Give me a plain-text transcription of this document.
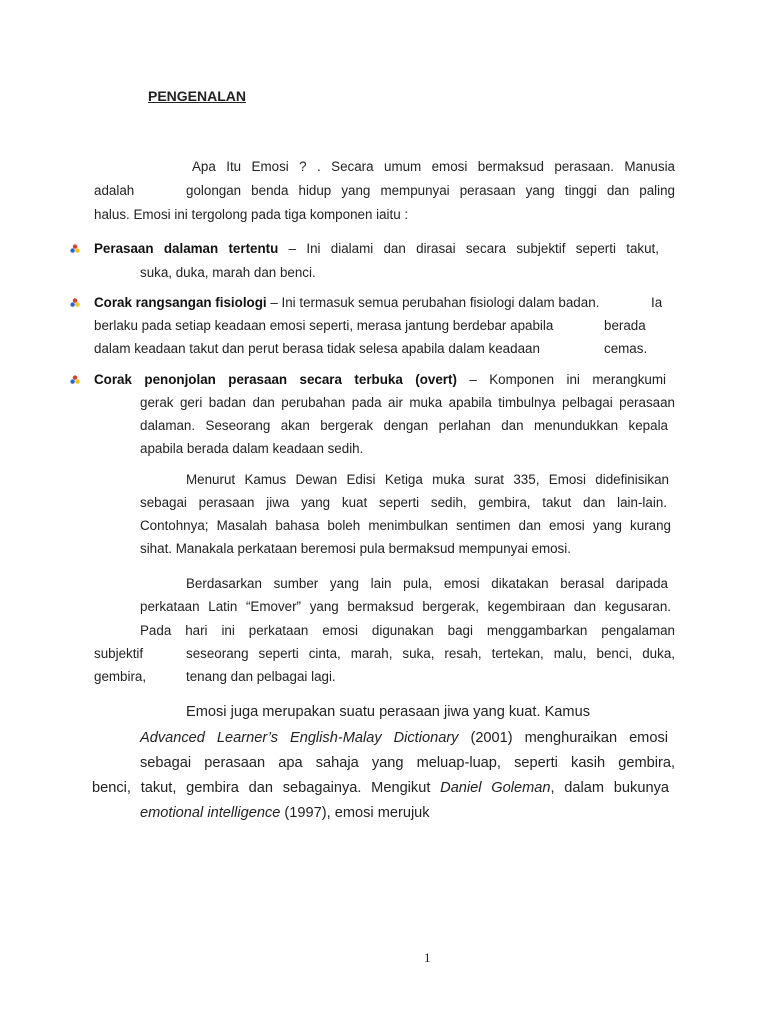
PENGENALAN
Apa Itu Emosi ? . Secara umum emosi bermaksud perasaan. Manusia
adalah	golongan benda hidup yang mempunyai perasaan yang tinggi dan paling
halus. Emosi ini tergolong pada tiga komponen iaitu :
Perasaan dalaman tertentu – Ini dialami dan dirasai secara subjektif seperti takut,
suka, duka, marah dan benci.
Corak rangsangan fisiologi – Ini termasuk semua perubahan fisiologi dalam badan.	Ia
berlaku pada setiap keadaan emosi seperti, merasa jantung berdebar apabila	berada
dalam keadaan takut dan perut berasa tidak selesa apabila dalam keadaan	cemas.
Corak penonjolan perasaan secara terbuka (overt) – Komponen ini merangkumi
gerak geri badan dan perubahan pada air muka apabila timbulnya pelbagai perasaan
dalaman. Seseorang akan bergerak dengan perlahan dan menundukkan kepala
apabila berada dalam keadaan sedih.
Menurut Kamus Dewan Edisi Ketiga muka surat 335, Emosi didefinisikan
sebagai perasaan jiwa yang kuat seperti sedih, gembira, takut dan lain-lain.
Contohnya; Masalah bahasa boleh menimbulkan sentimen dan emosi yang kurang
sihat. Manakala perkataan beremosi pula bermaksud mempunyai emosi.
Berdasarkan sumber yang lain pula, emosi dikatakan berasal daripada
perkataan Latin “Emover” yang bermaksud bergerak, kegembiraan dan kegusaran.
Pada hari ini perkataan emosi digunakan bagi menggambarkan pengalaman
subjektif	seseorang seperti cinta, marah, suka, resah, tertekan, malu, benci, duka,
gembira,	tenang dan pelbagai lagi.
Emosi juga merupakan suatu perasaan jiwa yang kuat. Kamus
Advanced Learner’s English-Malay Dictionary (2001) menghuraikan emosi
sebagai perasaan apa sahaja yang meluap-luap, seperti kasih gembira,
benci, takut, gembira dan sebagainya. Mengikut Daniel Goleman, dalam bukunya
emotional intelligence (1997), emosi merujuk
1
